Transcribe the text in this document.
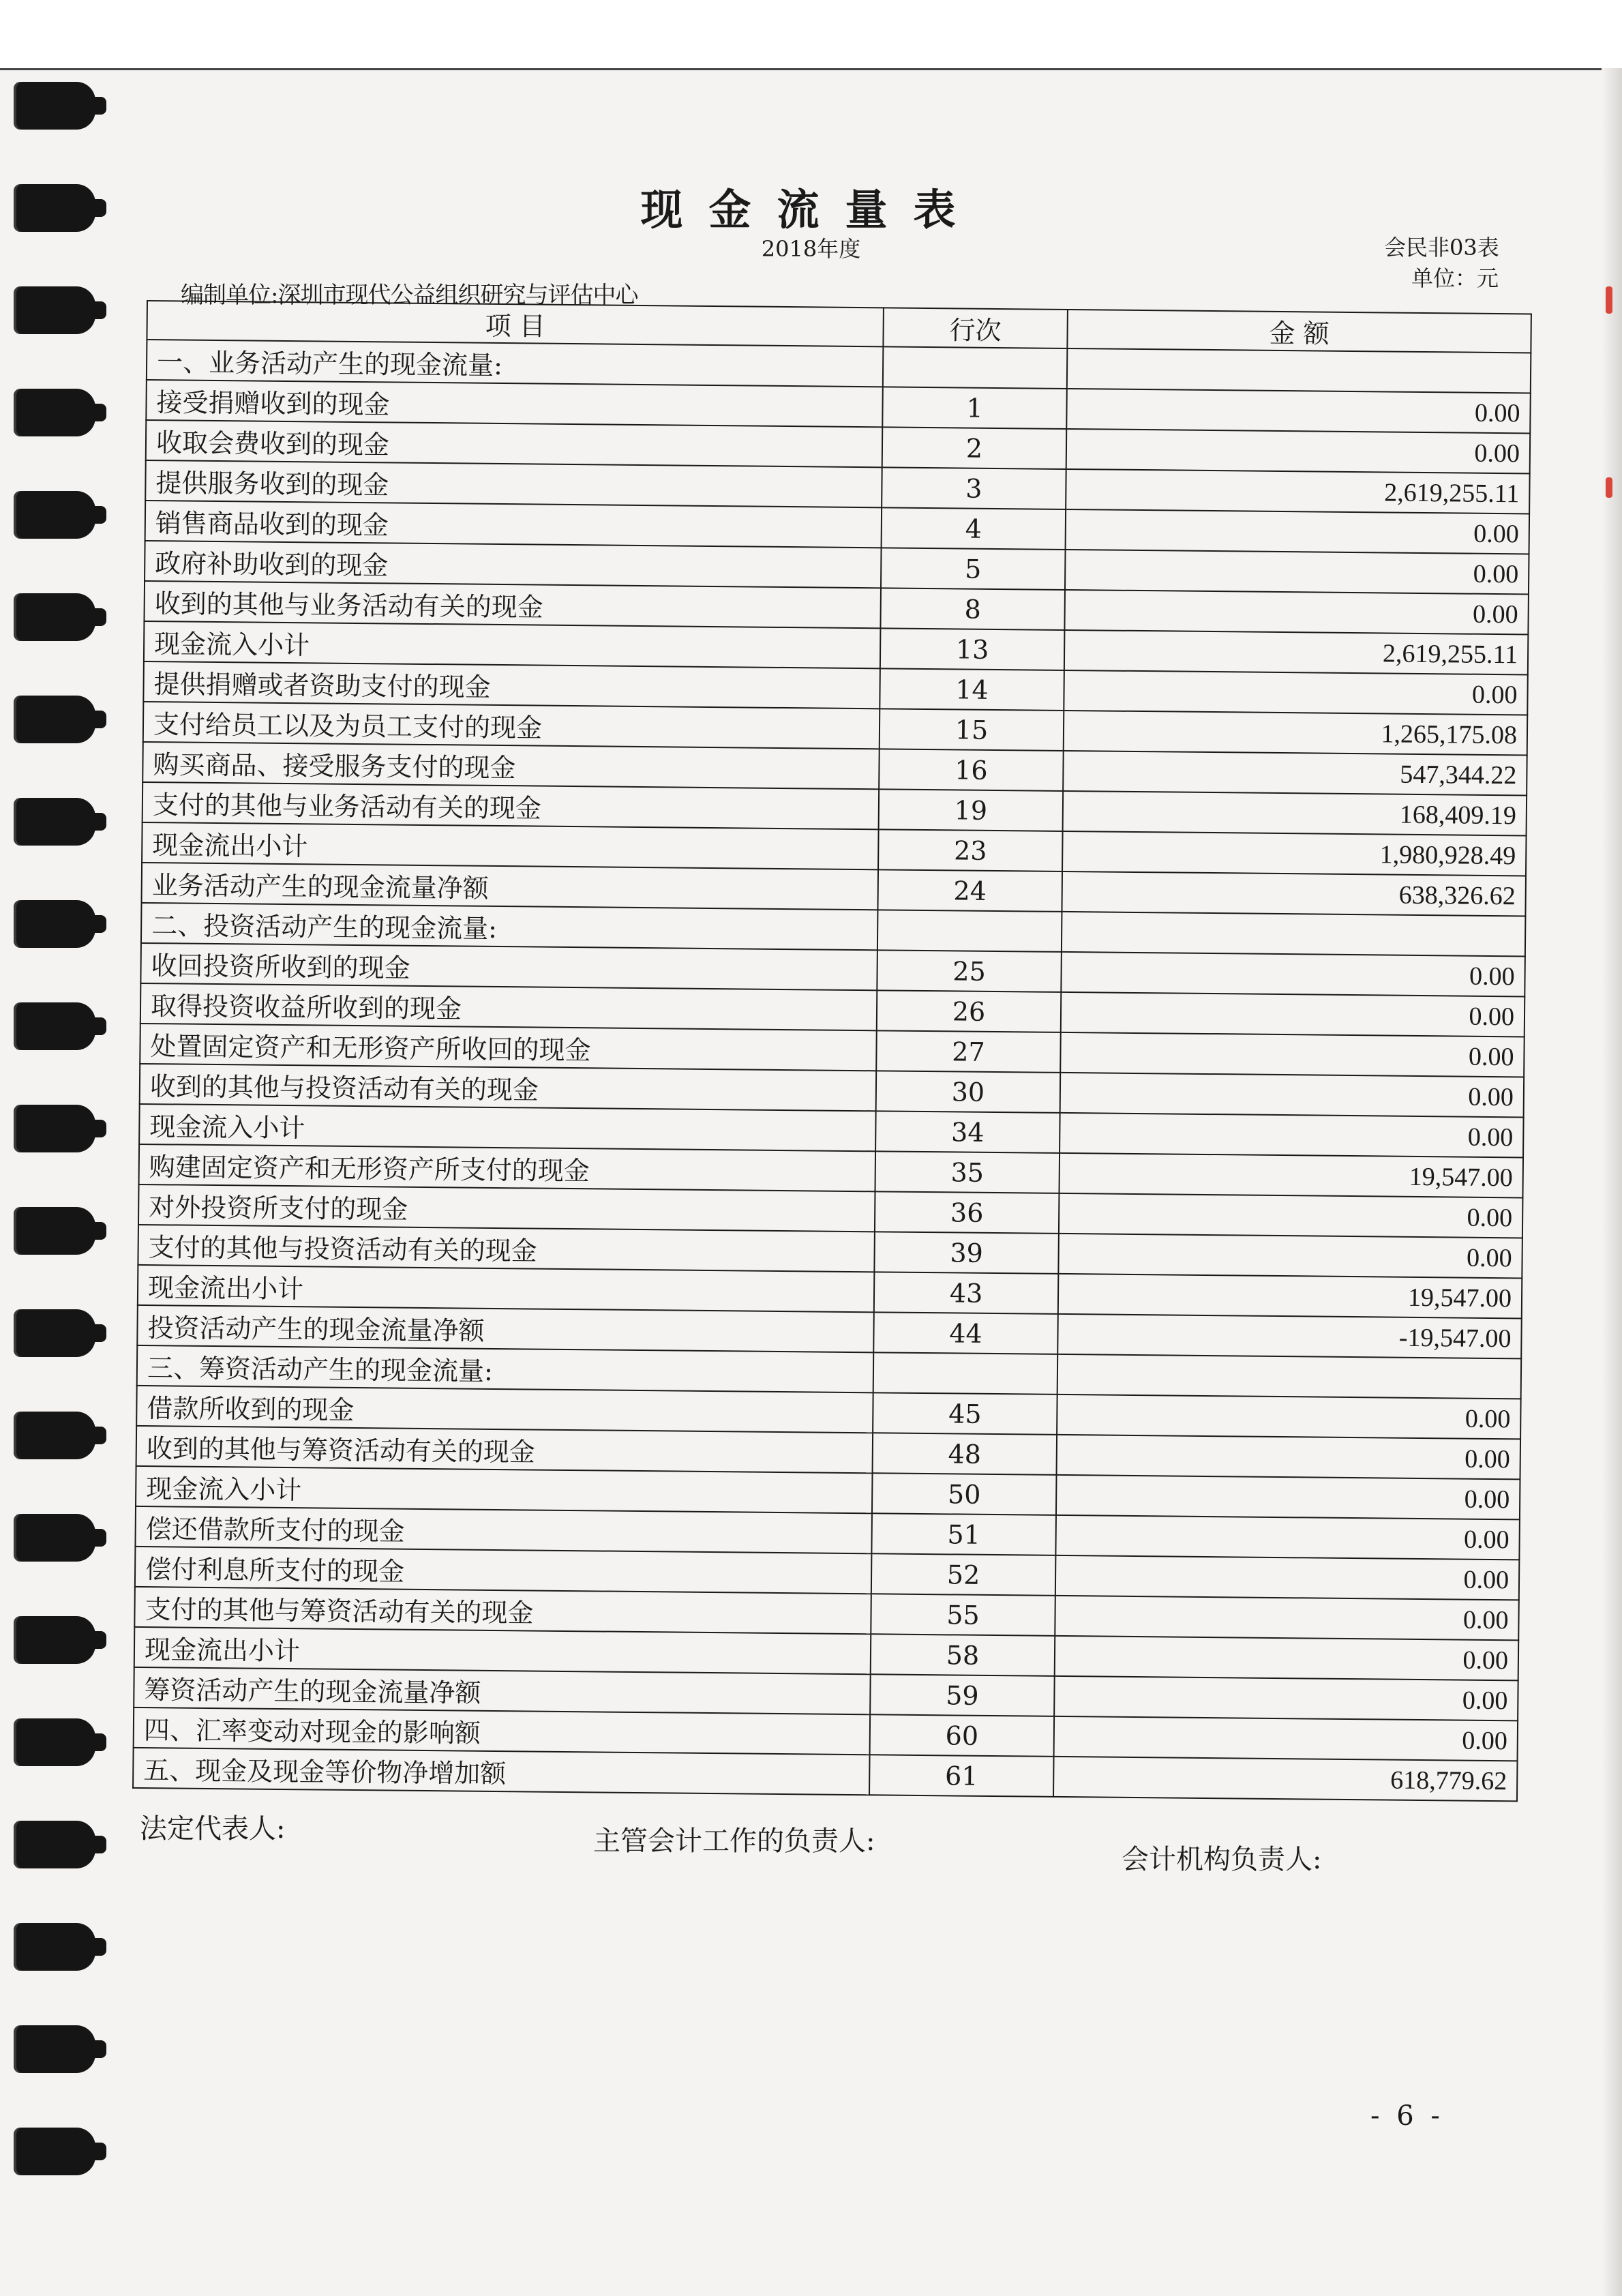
现金流量表
2018年度	会民非03表
单位：元
编制单位:深圳市现代公益组织研究与评估中心
项 目	行次	金 额
一、业务活动产生的现金流量:		
接受捐赠收到的现金	1	0.00
收取会费收到的现金	2	0.00
提供服务收到的现金	3	2,619,255.11
销售商品收到的现金	4	0.00
政府补助收到的现金	5	0.00
收到的其他与业务活动有关的现金	8	0.00
现金流入小计	13	2,619,255.11
提供捐赠或者资助支付的现金	14	0.00
支付给员工以及为员工支付的现金	15	1,265,175.08
购买商品、接受服务支付的现金	16	547,344.22
支付的其他与业务活动有关的现金	19	168,409.19
现金流出小计	23	1,980,928.49
业务活动产生的现金流量净额	24	638,326.62
二、投资活动产生的现金流量:		
收回投资所收到的现金	25	0.00
取得投资收益所收到的现金	26	0.00
处置固定资产和无形资产所收回的现金	27	0.00
收到的其他与投资活动有关的现金	30	0.00
现金流入小计	34	0.00
购建固定资产和无形资产所支付的现金	35	19,547.00
对外投资所支付的现金	36	0.00
支付的其他与投资活动有关的现金	39	0.00
现金流出小计	43	19,547.00
投资活动产生的现金流量净额	44	-19,547.00
三、筹资活动产生的现金流量:		
借款所收到的现金	45	0.00
收到的其他与筹资活动有关的现金	48	0.00
现金流入小计	50	0.00
偿还借款所支付的现金	51	0.00
偿付利息所支付的现金	52	0.00
支付的其他与筹资活动有关的现金	55	0.00
现金流出小计	58	0.00
筹资活动产生的现金流量净额	59	0.00
四、汇率变动对现金的影响额	60	0.00
五、现金及现金等价物净增加额	61	618,779.62
法定代表人:	主管会计工作的负责人:
会计机构负责人:
- 6 -
